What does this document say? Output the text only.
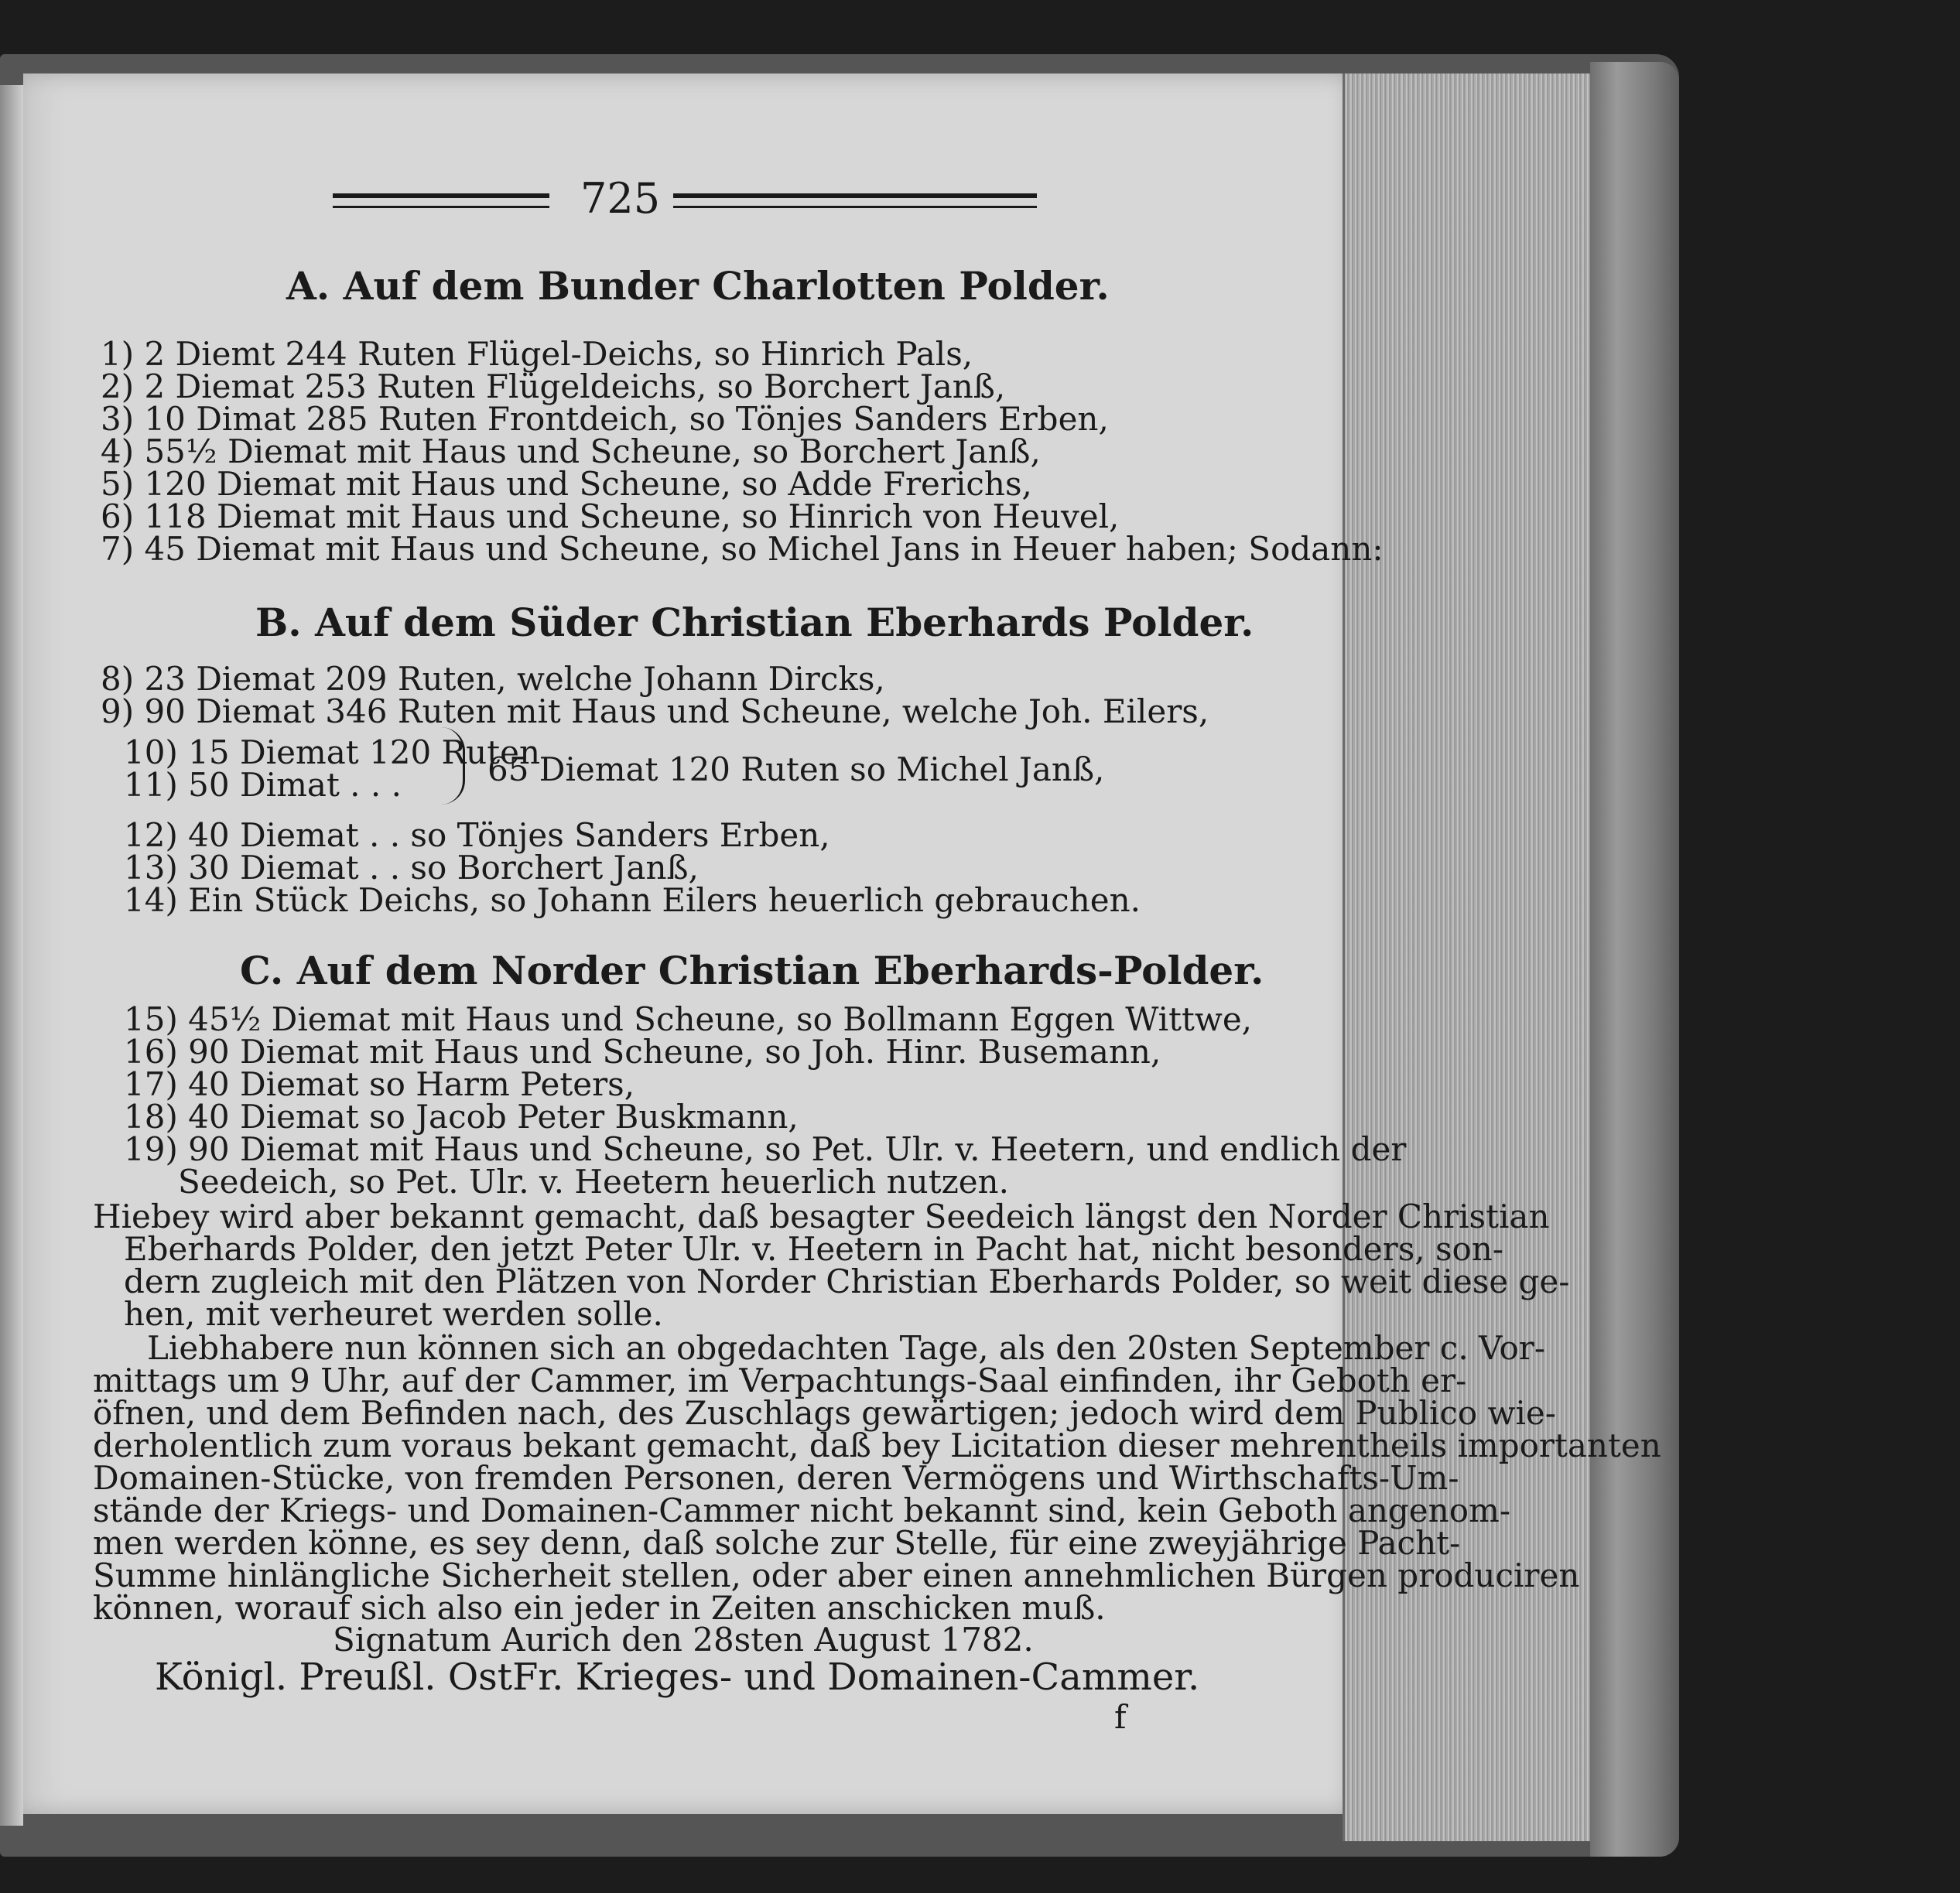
725
A. Auf dem Bunder Charlotten Polder.
1) 2 Diemt 244 Ruten Flügel-Deichs, so Hinrich Pals,
2) 2 Diemat 253 Ruten Flügeldeichs, so Borchert Janß,
3) 10 Dimat 285 Ruten Frontdeich, so Tönjes Sanders Erben,
4) 55½ Diemat mit Haus und Scheune, so Borchert Janß,
5) 120 Diemat mit Haus und Scheune, so Adde Frerichs,
6) 118 Diemat mit Haus und Scheune, so Hinrich von Heuvel,
7) 45 Diemat mit Haus und Scheune, so Michel Jans in Heuer haben; Sodann:
B. Auf dem Süder Christian Eberhards Polder.
8) 23 Diemat 209 Ruten, welche Johann Dircks,
9) 90 Diemat 346 Ruten mit Haus und Scheune, welche Joh. Eilers,
10) 15 Diemat 120 Ruten
11) 50 Dimat . . .	65 Diemat 120 Ruten so Michel Janß,
12) 40 Diemat . . so Tönjes Sanders Erben,
13) 30 Diemat . . so Borchert Janß,
14) Ein Stück Deichs, so Johann Eilers heuerlich gebrauchen.
C. Auf dem Norder Christian Eberhards-Polder.
15) 45½ Diemat mit Haus und Scheune, so Bollmann Eggen Wittwe,
16) 90 Diemat mit Haus und Scheune, so Joh. Hinr. Busemann,
17) 40 Diemat so Harm Peters,
18) 40 Diemat so Jacob Peter Buskmann,
19) 90 Diemat mit Haus und Scheune, so Pet. Ulr. v. Heetern, und endlich der
Seedeich, so Pet. Ulr. v. Heetern heuerlich nutzen.
Hiebey wird aber bekannt gemacht, daß besagter Seedeich längst den Norder Christian
Eberhards Polder, den jetzt Peter Ulr. v. Heetern in Pacht hat, nicht besonders, son-
dern zugleich mit den Plätzen von Norder Christian Eberhards Polder, so weit diese ge-
hen, mit verheuret werden solle.
Liebhabere nun können sich an obgedachten Tage, als den 20sten September c. Vor-
mittags um 9 Uhr, auf der Cammer, im Verpachtungs-Saal einfinden, ihr Geboth er-
öfnen, und dem Befinden nach, des Zuschlags gewärtigen; jedoch wird dem Publico wie-
derholentlich zum voraus bekant gemacht, daß bey Licitation dieser mehrentheils importanten
Domainen-Stücke, von fremden Personen, deren Vermögens und Wirthschafts-Um-
stände der Kriegs- und Domainen-Cammer nicht bekannt sind, kein Geboth angenom-
men werden könne, es sey denn, daß solche zur Stelle, für eine zweyjährige Pacht-
Summe hinlängliche Sicherheit stellen, oder aber einen annehmlichen Bürgen produciren
können, worauf sich also ein jeder in Zeiten anschicken muß.
Signatum Aurich den 28sten August 1782.
Königl. Preußl. OstFr. Krieges- und Domainen-Cammer.
f
